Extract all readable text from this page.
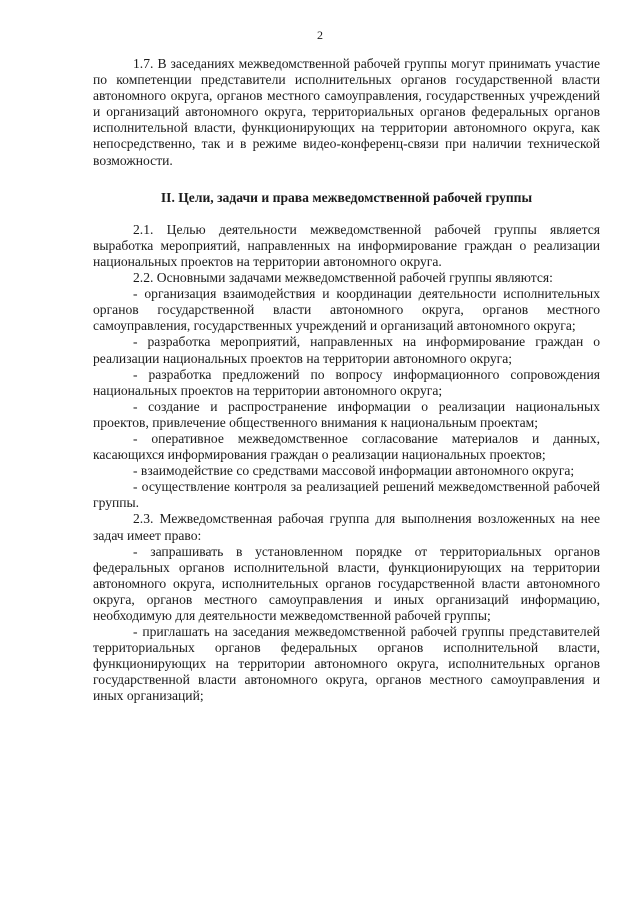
2

1.7. В заседаниях межведомственной рабочей группы могут принимать участие по компетенции представители исполнительных органов государственной власти автономного округа, органов местного самоуправления, государственных учреждений и организаций автономного округа, территориальных органов федеральных органов исполнительной власти, функционирующих на территории автономного округа, как непосредственно, так и в режиме видео-конференц-связи при наличии технической возможности.

II. Цели, задачи и права межведомственной рабочей группы

2.1. Целью деятельности межведомственной рабочей группы является выработка мероприятий, направленных на информирование граждан о реализации национальных проектов на территории автономного округа.

2.2. Основными задачами межведомственной рабочей группы являются:

- организация взаимодействия и координации деятельности исполнительных органов государственной власти автономного округа, органов местного самоуправления, государственных учреждений и организаций автономного округа;

- разработка мероприятий, направленных на информирование граждан о реализации национальных проектов на территории автономного округа;

- разработка предложений по вопросу информационного сопровождения национальных проектов на территории автономного округа;

- создание и распространение информации о реализации национальных проектов, привлечение общественного внимания к национальным проектам;

- оперативное межведомственное согласование материалов и данных, касающихся информирования граждан о реализации национальных проектов;

- взаимодействие со средствами массовой информации автономного округа;

- осуществление контроля за реализацией решений межведомственной рабочей группы.

2.3. Межведомственная рабочая группа для выполнения возложенных на нее задач имеет право:

- запрашивать в установленном порядке от территориальных органов федеральных органов исполнительной власти, функционирующих на территории автономного округа, исполнительных органов государственной власти автономного округа, органов местного самоуправления и иных организаций информацию, необходимую для деятельности межведомственной рабочей группы;

- приглашать на заседания межведомственной рабочей группы представителей территориальных органов федеральных органов исполнительной власти, функционирующих на территории автономного округа, исполнительных органов государственной власти автономного округа, органов местного самоуправления и иных организаций;
